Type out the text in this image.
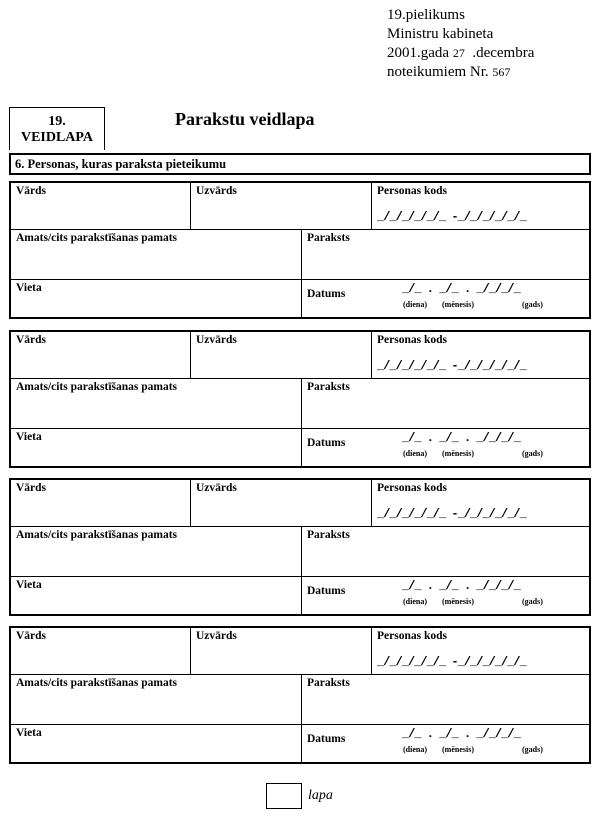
19.pielikums
Ministru kabineta
2001.gada 27 .decembra
noteikumiem Nr. 567
19.
VEIDLAPA
Parakstu veidlapa
6. Personas, kuras paraksta pieteikumu
Vārds	Uzvārds	Personas kods
_/_/_/_/_/_ -_/_/_/_/_/_
Amats/cits parakstīšanas pamats	Paraksts
Vieta	Datums	_/_ . _/_ . _/_/_/_
(diena) (mēnesis)	(gads)
Vārds	Uzvārds	Personas kods
_/_/_/_/_/_ -_/_/_/_/_/_
Amats/cits parakstīšanas pamats	Paraksts
Vieta	Datums	_/_ . _/_ . _/_/_/_
(diena) (mēnesis)	(gads)
Vārds	Uzvārds	Personas kods
_/_/_/_/_/_ -_/_/_/_/_/_
Amats/cits parakstīšanas pamats	Paraksts
Vieta	Datums	_/_ . _/_ . _/_/_/_
(diena) (mēnesis)	(gads)
Vārds	Uzvārds	Personas kods
_/_/_/_/_/_ -_/_/_/_/_/_
Amats/cits parakstīšanas pamats	Paraksts
Vieta	Datums	_/_ . _/_ . _/_/_/_
(diena) (mēnesis)	(gads)
lapa
